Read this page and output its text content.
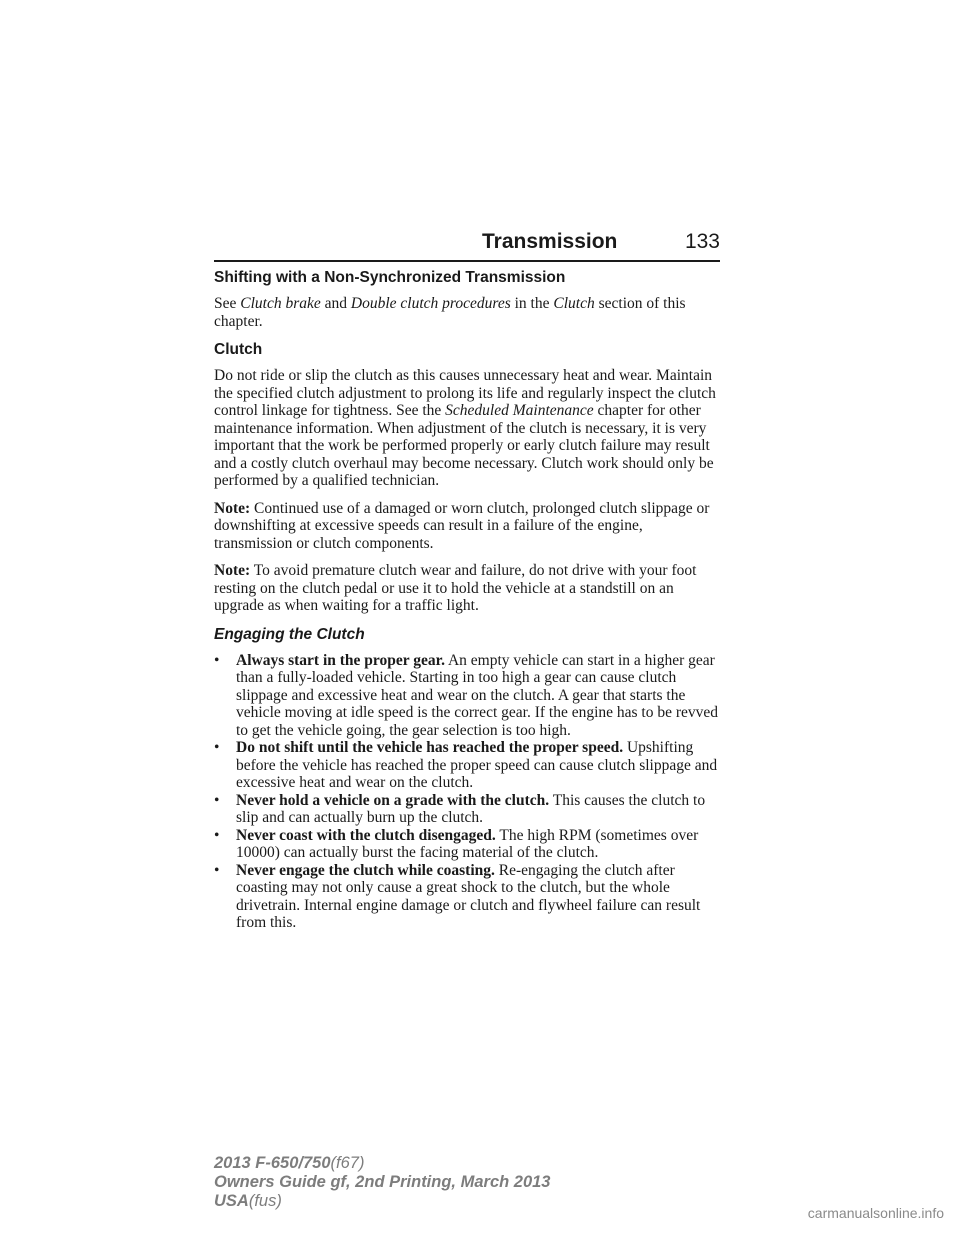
Transmission	133
Shifting with a Non-Synchronized Transmission

See Clutch brake and Double clutch procedures in the Clutch section of this chapter.

Clutch

Do not ride or slip the clutch as this causes unnecessary heat and wear. Maintain the specified clutch adjustment to prolong its life and regularly inspect the clutch control linkage for tightness. See the Scheduled Maintenance chapter for other maintenance information. When adjustment of the clutch is necessary, it is very important that the work be performed properly or early clutch failure may result and a costly clutch overhaul may become necessary. Clutch work should only be performed by a qualified technician.

Note: Continued use of a damaged or worn clutch, prolonged clutch slippage or downshifting at excessive speeds can result in a failure of the engine, transmission or clutch components.

Note: To avoid premature clutch wear and failure, do not drive with your foot resting on the clutch pedal or use it to hold the vehicle at a standstill on an upgrade as when waiting for a traffic light.

Engaging the Clutch
• Always start in the proper gear. An empty vehicle can start in a higher gear than a fully-loaded vehicle. Starting in too high a gear can cause clutch slippage and excessive heat and wear on the clutch. A gear that starts the vehicle moving at idle speed is the correct gear. If the engine has to be revved to get the vehicle going, the gear selection is too high.
• Do not shift until the vehicle has reached the proper speed. Upshifting before the vehicle has reached the proper speed can cause clutch slippage and excessive heat and wear on the clutch.
• Never hold a vehicle on a grade with the clutch. This causes the clutch to slip and can actually burn up the clutch.
• Never coast with the clutch disengaged. The high RPM (sometimes over 10000) can actually burst the facing material of the clutch.
• Never engage the clutch while coasting. Re-engaging the clutch after coasting may not only cause a great shock to the clutch, but the whole drivetrain. Internal engine damage or clutch and flywheel failure can result from this.
2013 F-650/750(f67)
Owners Guide gf, 2nd Printing, March 2013
USA(fus)
carmanualsonline.info
